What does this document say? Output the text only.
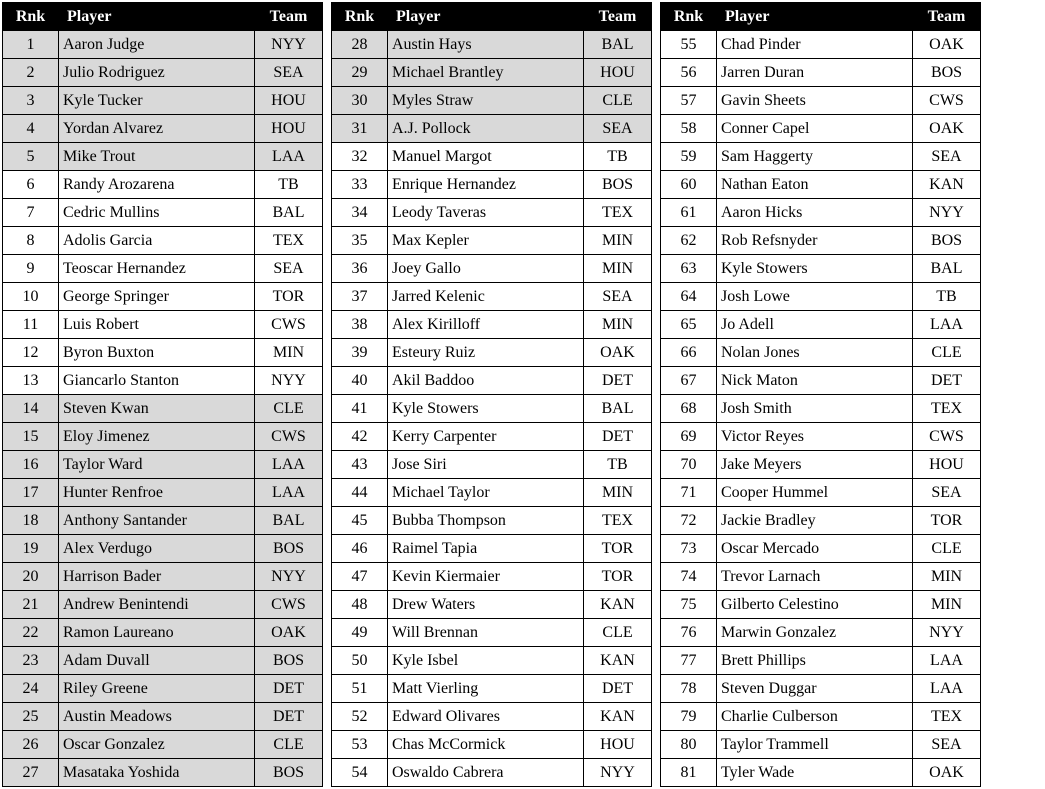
Rnk	Player	Team
1	Aaron Judge	NYY
2	Julio Rodriguez	SEA
3	Kyle Tucker	HOU
4	Yordan Alvarez	HOU
5	Mike Trout	LAA
6	Randy Arozarena	TB
7	Cedric Mullins	BAL
8	Adolis Garcia	TEX
9	Teoscar Hernandez	SEA
10	George Springer	TOR
11	Luis Robert	CWS
12	Byron Buxton	MIN
13	Giancarlo Stanton	NYY
14	Steven Kwan	CLE
15	Eloy Jimenez	CWS
16	Taylor Ward	LAA
17	Hunter Renfroe	LAA
18	Anthony Santander	BAL
19	Alex Verdugo	BOS
20	Harrison Bader	NYY
21	Andrew Benintendi	CWS
22	Ramon Laureano	OAK
23	Adam Duvall	BOS
24	Riley Greene	DET
25	Austin Meadows	DET
26	Oscar Gonzalez	CLE
27	Masataka Yoshida	BOS
Rnk	Player	Team
28	Austin Hays	BAL
29	Michael Brantley	HOU
30	Myles Straw	CLE
31	A.J. Pollock	SEA
32	Manuel Margot	TB
33	Enrique Hernandez	BOS
34	Leody Taveras	TEX
35	Max Kepler	MIN
36	Joey Gallo	MIN
37	Jarred Kelenic	SEA
38	Alex Kirilloff	MIN
39	Esteury Ruiz	OAK
40	Akil Baddoo	DET
41	Kyle Stowers	BAL
42	Kerry Carpenter	DET
43	Jose Siri	TB
44	Michael Taylor	MIN
45	Bubba Thompson	TEX
46	Raimel Tapia	TOR
47	Kevin Kiermaier	TOR
48	Drew Waters	KAN
49	Will Brennan	CLE
50	Kyle Isbel	KAN
51	Matt Vierling	DET
52	Edward Olivares	KAN
53	Chas McCormick	HOU
54	Oswaldo Cabrera	NYY
Rnk	Player	Team
55	Chad Pinder	OAK
56	Jarren Duran	BOS
57	Gavin Sheets	CWS
58	Conner Capel	OAK
59	Sam Haggerty	SEA
60	Nathan Eaton	KAN
61	Aaron Hicks	NYY
62	Rob Refsnyder	BOS
63	Kyle Stowers	BAL
64	Josh Lowe	TB
65	Jo Adell	LAA
66	Nolan Jones	CLE
67	Nick Maton	DET
68	Josh Smith	TEX
69	Victor Reyes	CWS
70	Jake Meyers	HOU
71	Cooper Hummel	SEA
72	Jackie Bradley	TOR
73	Oscar Mercado	CLE
74	Trevor Larnach	MIN
75	Gilberto Celestino	MIN
76	Marwin Gonzalez	NYY
77	Brett Phillips	LAA
78	Steven Duggar	LAA
79	Charlie Culberson	TEX
80	Taylor Trammell	SEA
81	Tyler Wade	OAK
